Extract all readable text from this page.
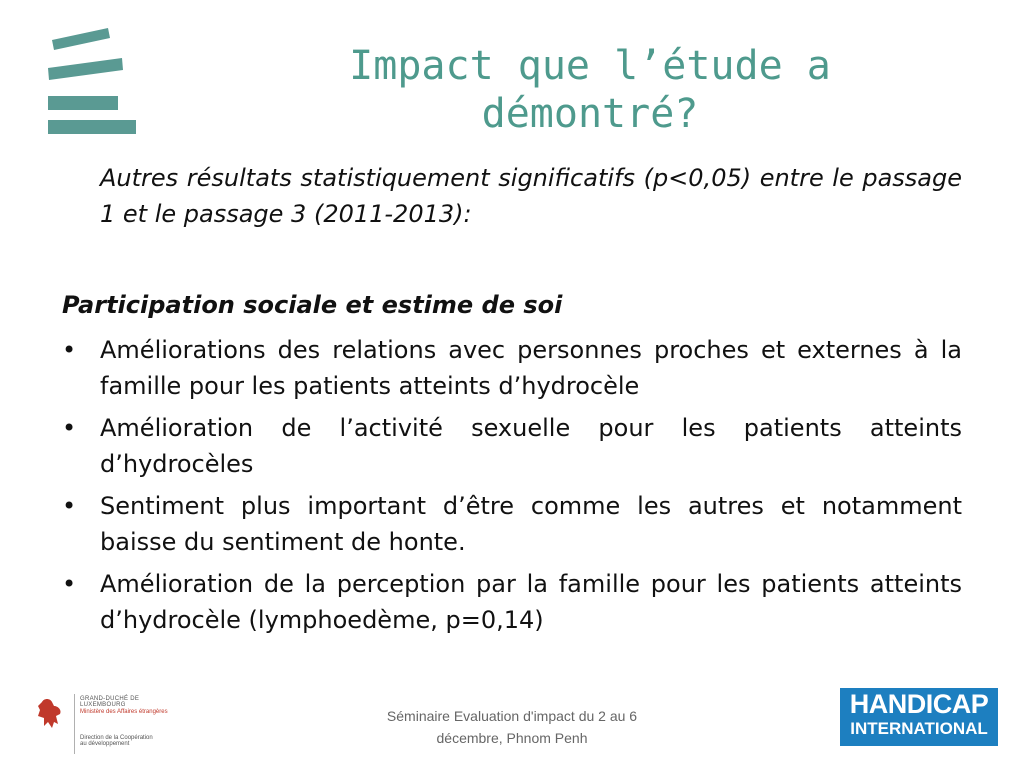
Impact que l’étude a démontré?
Autres résultats statistiquement significatifs (p<0,05) entre le passage 1 et le passage 3 (2011-2013):
Participation sociale et estime de soi
• Améliorations des relations avec personnes proches et externes à la famille pour les patients atteints d’hydrocèle
• Amélioration de l’activité sexuelle pour les patients atteints d’hydrocèles
• Sentiment plus important d’être comme les autres et notamment baisse du sentiment de honte.
• Amélioration de la perception par la famille pour les patients atteints d’hydrocèle (lymphoedème, p=0,14)
GRAND-DUCHÉ DE LUXEMBOURG
Ministère des Affaires étrangères
Direction de la Coopération
au développement
Séminaire Evaluation d'impact du 2 au 6 décembre, Phnom Penh
HANDICAP
INTERNATIONAL
